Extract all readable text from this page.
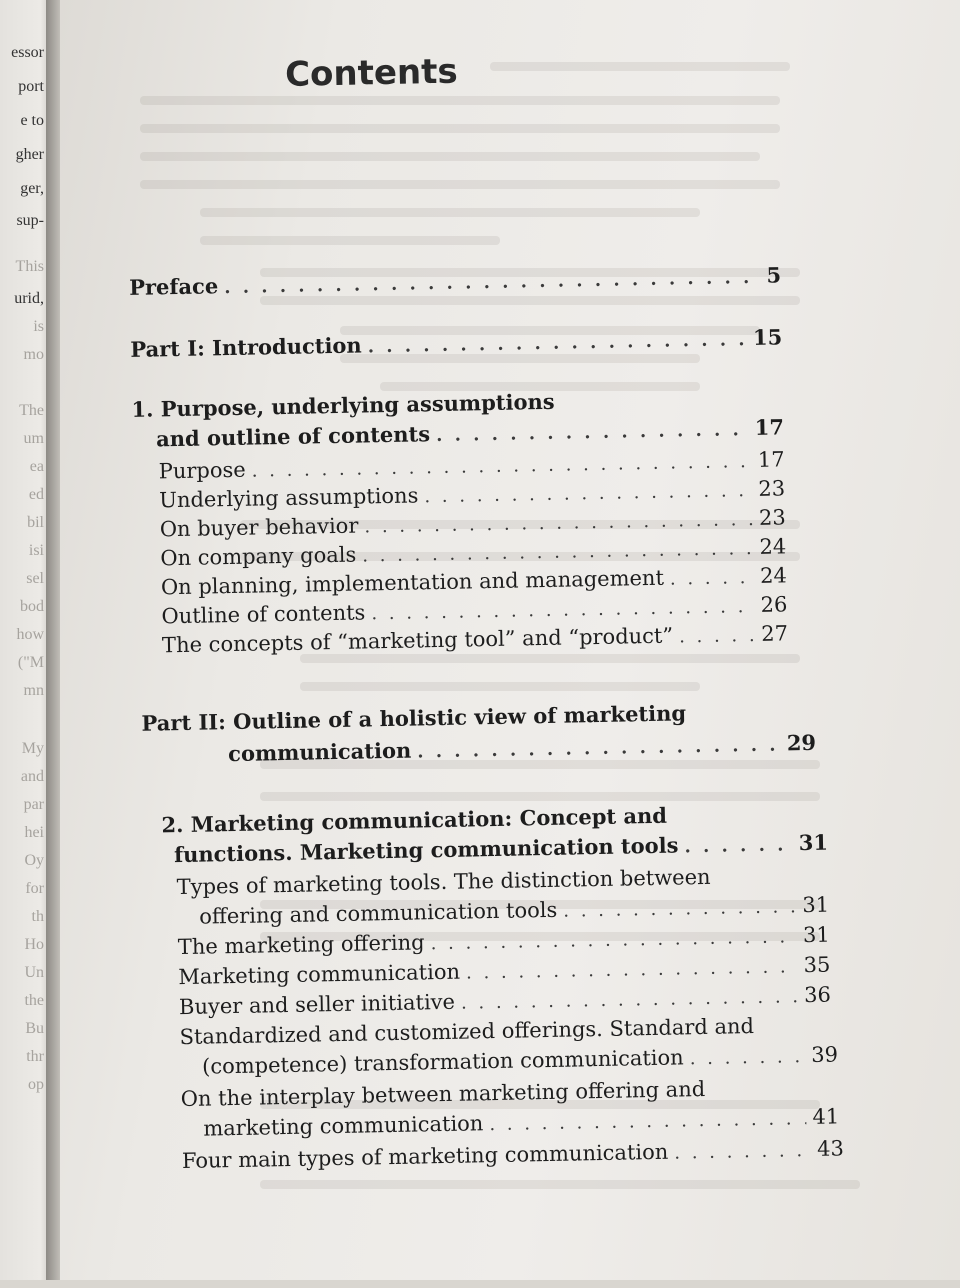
essor
port
e to
gher
ger,
sup-
This
urid,
is
mo
The
um
ea
ed
bil
isi
sel
bod
how
("M
mn
My
and
par
hei
Oy
for
th
Ho
Un
the
Bu
thr
op
Contents
Preface . . .	5
Part I: Introduction . . .	15
1. Purpose, underlying assumptions
and outline of contents . . .	17
Purpose . . .	17
Underlying assumptions . . .	23
On buyer behavior . . .	23
On company goals . . .	24
On planning, implementation and management . . .	24
Outline of contents . . .	26
The concepts of “marketing tool” and “product” . . .	27
Part II: Outline of a holistic view of marketing
communication . . .	29
2. Marketing communication: Concept and
functions. Marketing communication tools . . .	31
Types of marketing tools. The distinction between
offering and communication tools . . .	31
The marketing offering . . .	31
Marketing communication . . .	35
Buyer and seller initiative . . .	36
Standardized and customized offerings. Standard and
(competence) transformation communication . . .	39
On the interplay between marketing offering and
marketing communication . . .	41
Four main types of marketing communication . . .	43
